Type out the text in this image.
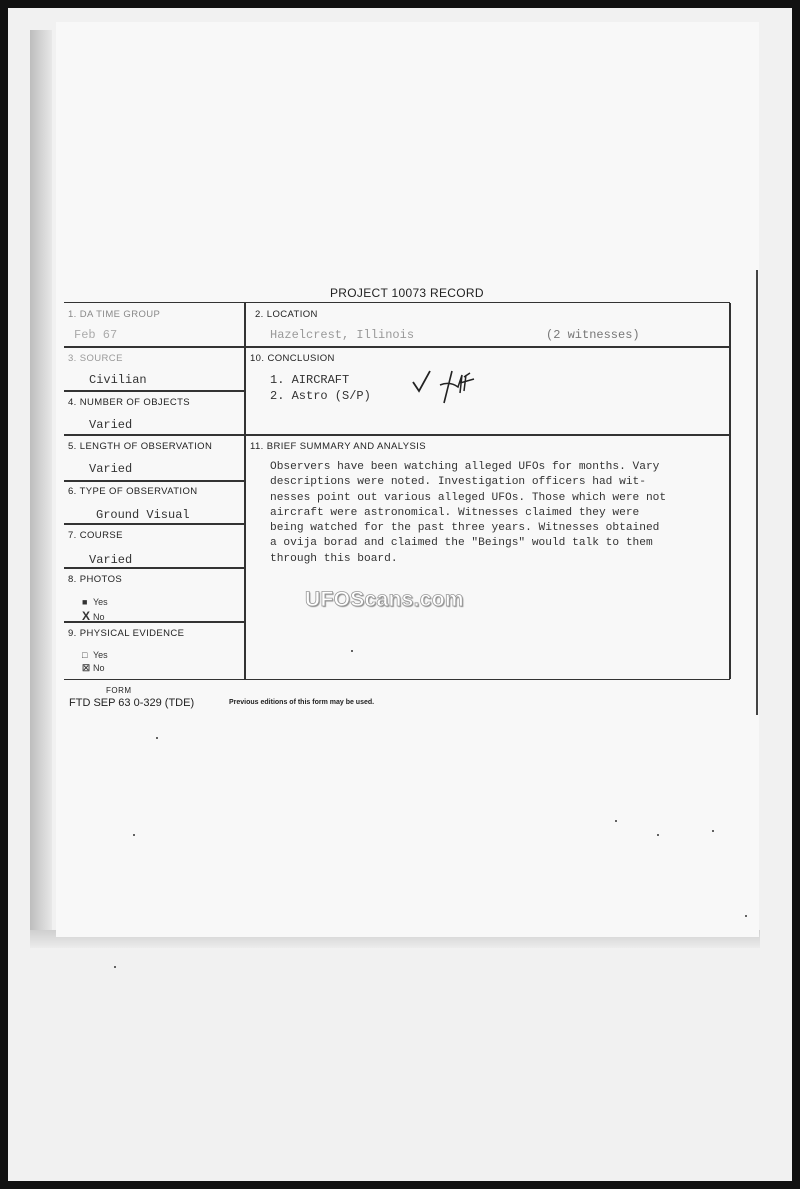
PROJECT 10073 RECORD
1. DA TIME GROUP
Feb 67
2. LOCATION
Hazelcrest, Illinois	(2 witnesses)
3. SOURCE
Civilian
10. CONCLUSION
1. AIRCRAFT
2. Astro (S/P)
4. NUMBER OF OBJECTS
Varied
5. LENGTH OF OBSERVATION
Varied
11. BRIEF SUMMARY AND ANALYSIS
Observers have been watching alleged UFOs for months. Vary
descriptions were noted. Investigation officers had wit-
nesses point out various alleged UFOs. Those which were not
aircraft were astronomical. Witnesses claimed they were
being watched for the past three years. Witnesses obtained
a ovija borad and claimed the "Beings" would talk to them
through this board.
6. TYPE OF OBSERVATION
Ground Visual
7. COURSE
Varied
8. PHOTOS
■ Yes
X No
9. PHYSICAL EVIDENCE
□ Yes
☒ No
UFOScans.com
FORM
FTD SEP 63 0-329 (TDE)	Previous editions of this form may be used.
